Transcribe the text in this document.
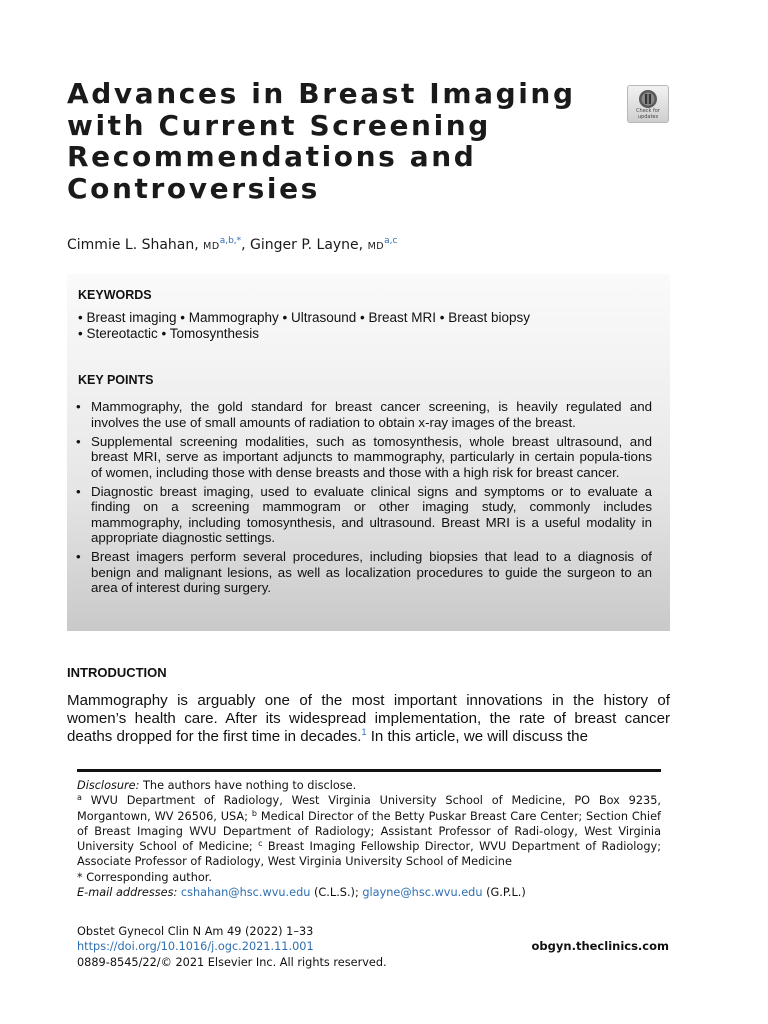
Advances in Breast Imaging
with Current Screening
Recommendations and
Controversies
Check for
updates
Cimmie L. Shahan, $MD^{a,b,*}$, Ginger P. Layne, MD$^{a,c}$
KEYWORDS
• Breast imaging • Mammography • Ultrasound • Breast MRI • Breast biopsy
• Stereotactic • Tomosynthesis
KEY POINTS
• Mammography, the gold standard for breast cancer screening, is heavily regulated and involves the use of small amounts of radiation to obtain x-ray images of the breast.
• Supplemental screening modalities, such as tomosynthesis, whole breast ultrasound, and breast MRI, serve as important adjuncts to mammography, particularly in certain popula-tions of women, including those with dense breasts and those with a high risk for breast cancer.
• Diagnostic breast imaging, used to evaluate clinical signs and symptoms or to evaluate a finding on a screening mammogram or other imaging study, commonly includes mammography, including tomosynthesis, and ultrasound. Breast MRI is a useful modality in appropriate diagnostic settings.
• Breast imagers perform several procedures, including biopsies that lead to a diagnosis of benign and malignant lesions, as well as localization procedures to guide the surgeon to an area of interest during surgery.
INTRODUCTION

Mammography is arguably one of the most important innovations in the history of women’s health care. After its widespread implementation, the rate of breast cancer deaths dropped for the first time in decades.$^1$ In this article, we will discuss the

Disclosure: The authors have nothing to disclose.

$^a$ WVU Department of Radiology, West Virginia University School of Medicine, PO Box 9235, Morgantown, WV 26506, USA; $^b$ Medical Director of the Betty Puskar Breast Care Center; Section Chief of Breast Imaging WVU Department of Radiology; Assistant Professor of Radi-ology, West Virginia University School of Medicine; $^c$ Breast Imaging Fellowship Director, WVU Department of Radiology; Associate Professor of Radiology, West Virginia University School of Medicine

* Corresponding author.

E-mail addresses: cshahan@hsc.wvu.edu (C.L.S.); glayne@hsc.wvu.edu (G.P.L.)

Obstet Gynecol Clin N Am 49 (2022) 1–33
https://doi.org/10.1016/j.ogc.2021.11.001
0889-8545/22/© 2021 Elsevier Inc. All rights reserved.
obgyn.theclinics.com
